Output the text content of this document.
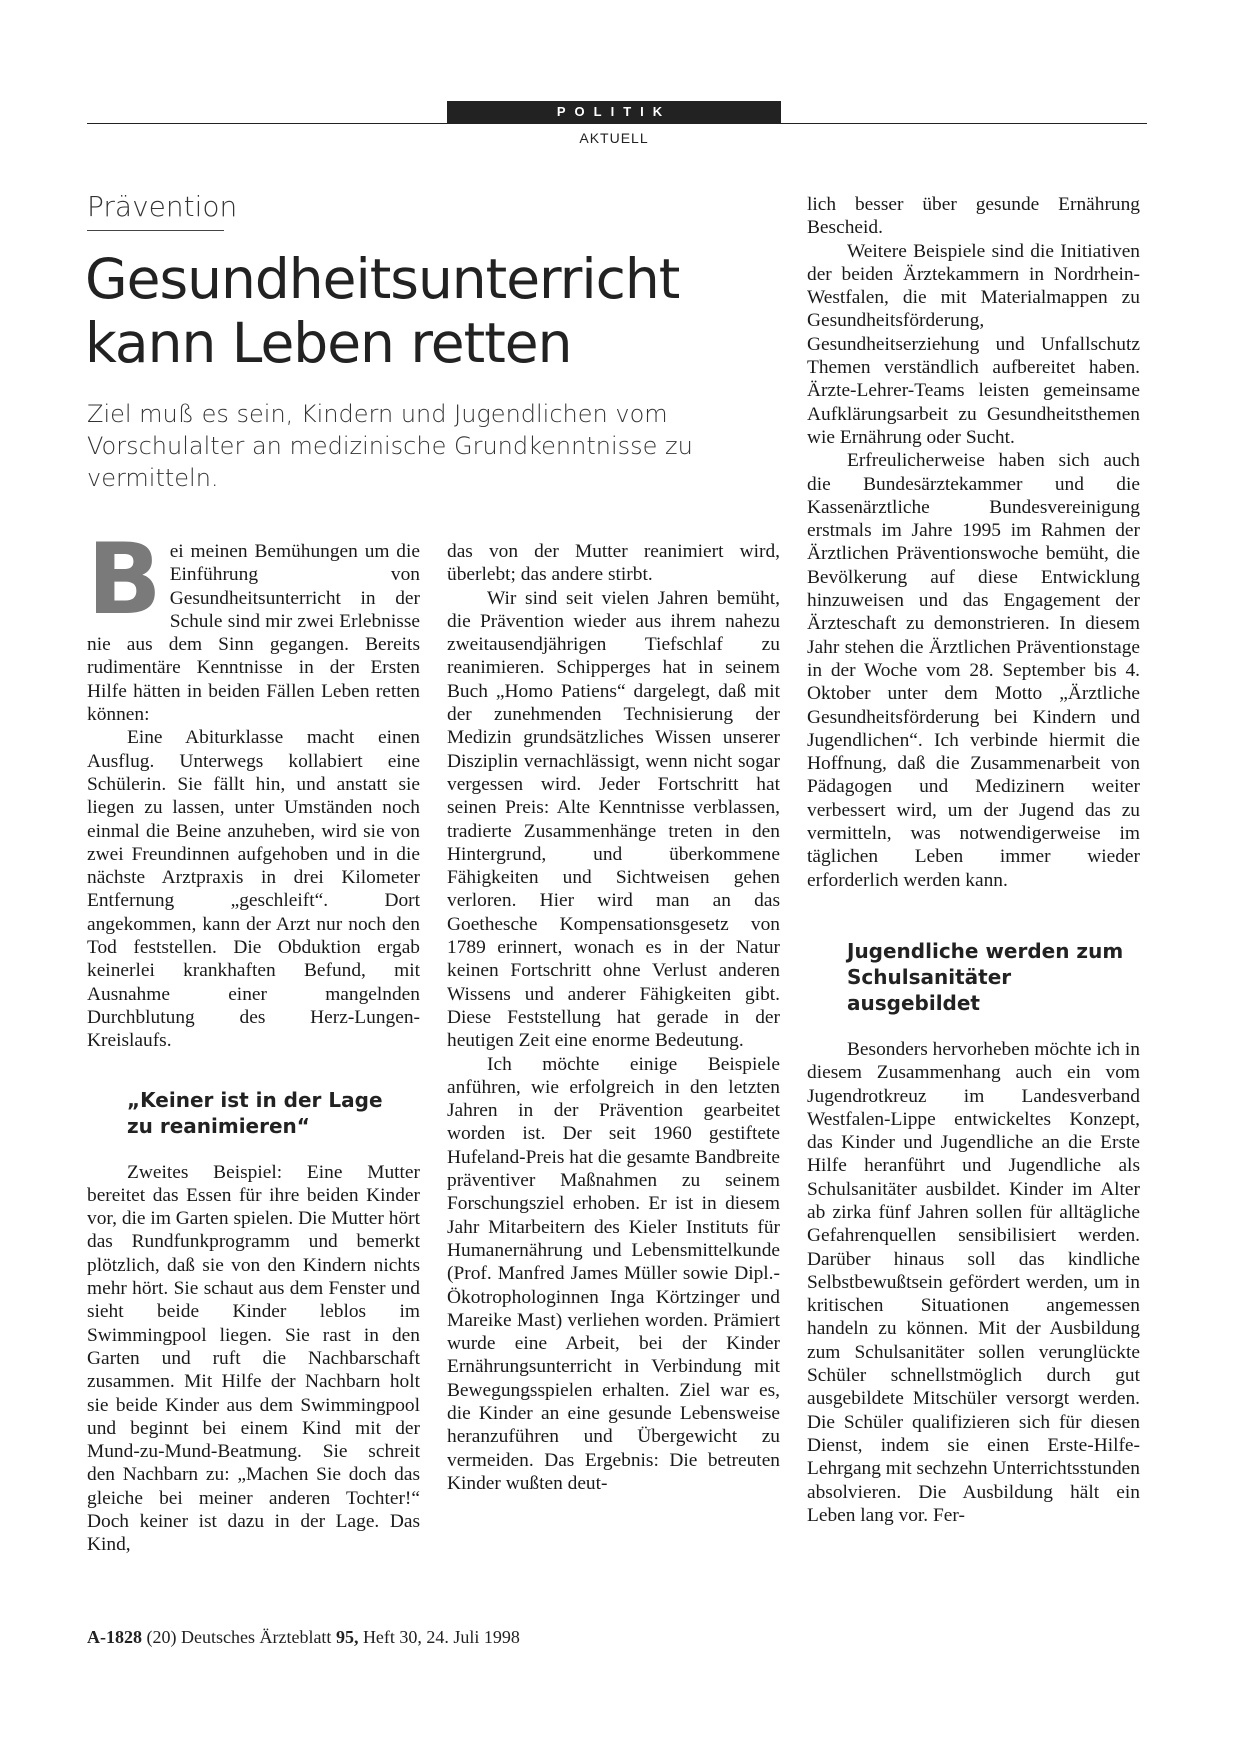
POLITIK
AKTUELL
Prävention
Gesundheitsunterricht
kann Leben retten

Ziel muß es sein, Kindern und Jugendlichen vom Vorschulalter an medizinische Grundkenntnisse zu vermitteln.

B ei meinen Bemühungen um die Einführung von Gesundheitsunterricht in der Schule sind mir zwei Erlebnisse nie aus dem Sinn gegangen. Bereits rudimentäre Kenntnisse in der Ersten Hilfe hätten in beiden Fällen Leben retten können:

Eine Abiturklasse macht einen Ausflug. Unterwegs kollabiert eine Schülerin. Sie fällt hin, und anstatt sie liegen zu lassen, unter Umständen noch einmal die Beine anzuheben, wird sie von zwei Freundinnen aufgehoben und in die nächste Arztpraxis in drei Kilometer Entfernung „geschleift“. Dort angekommen, kann der Arzt nur noch den Tod feststellen. Die Obduktion ergab keinerlei krankhaften Befund, mit Ausnahme einer mangelnden Durchblutung des Herz-Lungen-Kreislaufs.

„Keiner ist in der Lage zu reanimieren“

Zweites Beispiel: Eine Mutter bereitet das Essen für ihre beiden Kinder vor, die im Garten spielen. Die Mutter hört das Rundfunkprogramm und bemerkt plötzlich, daß sie von den Kindern nichts mehr hört. Sie schaut aus dem Fenster und sieht beide Kinder leblos im Swimmingpool liegen. Sie rast in den Garten und ruft die Nachbarschaft zusammen. Mit Hilfe der Nachbarn holt sie beide Kinder aus dem Swimmingpool und beginnt bei einem Kind mit der Mund-zu-Mund-Beatmung. Sie schreit den Nachbarn zu: „Machen Sie doch das gleiche bei meiner anderen Tochter!“ Doch keiner ist dazu in der Lage. Das Kind,

das von der Mutter reanimiert wird, überlebt; das andere stirbt.

Wir sind seit vielen Jahren bemüht, die Prävention wieder aus ihrem nahezu zweitausendjährigen Tiefschlaf zu reanimieren. Schipperges hat in seinem Buch „Homo Patiens“ dargelegt, daß mit der zunehmenden Technisierung der Medizin grundsätzliches Wissen unserer Disziplin vernachlässigt, wenn nicht sogar vergessen wird. Jeder Fortschritt hat seinen Preis: Alte Kenntnisse verblassen, tradierte Zusammenhänge treten in den Hintergrund, und überkommene Fähigkeiten und Sichtweisen gehen verloren. Hier wird man an das Goethesche Kompensationsgesetz von 1789 erinnert, wonach es in der Natur keinen Fortschritt ohne Verlust anderen Wissens und anderer Fähigkeiten gibt. Diese Feststellung hat gerade in der heutigen Zeit eine enorme Bedeutung.

Ich möchte einige Beispiele anführen, wie erfolgreich in den letzten Jahren in der Prävention gearbeitet worden ist. Der seit 1960 gestiftete Hufeland-Preis hat die gesamte Bandbreite präventiver Maßnahmen zu seinem Forschungsziel erhoben. Er ist in diesem Jahr Mitarbeitern des Kieler Instituts für Humanernährung und Lebensmittelkunde (Prof. Manfred James Müller sowie Dipl.-Ökotrophologinnen Inga Körtzinger und Mareike Mast) verliehen worden. Prämiert wurde eine Arbeit, bei der Kinder Ernährungsunterricht in Verbindung mit Bewegungsspielen erhalten. Ziel war es, die Kinder an eine gesunde Lebensweise heranzuführen und Übergewicht zu vermeiden. Das Ergebnis: Die betreuten Kinder wußten deut-

lich besser über gesunde Ernährung Bescheid.

Weitere Beispiele sind die Initiativen der beiden Ärztekammern in Nordrhein-Westfalen, die mit Materialmappen zu Gesundheitsförderung, Gesundheitserziehung und Unfallschutz Themen verständlich aufbereitet haben. Ärzte-Lehrer-Teams leisten gemeinsame Aufklärungsarbeit zu Gesundheitsthemen wie Ernährung oder Sucht.

Erfreulicherweise haben sich auch die Bundesärztekammer und die Kassenärztliche Bundesvereinigung erstmals im Jahre 1995 im Rahmen der Ärztlichen Präventionswoche bemüht, die Bevölkerung auf diese Entwicklung hinzuweisen und das Engagement der Ärzteschaft zu demonstrieren. In diesem Jahr stehen die Ärztlichen Präventionstage in der Woche vom 28. September bis 4. Oktober unter dem Motto „Ärztliche Gesundheitsförderung bei Kindern und Jugendlichen“. Ich verbinde hiermit die Hoffnung, daß die Zusammenarbeit von Pädagogen und Medizinern weiter verbessert wird, um der Jugend das zu vermitteln, was notwendigerweise im täglichen Leben immer wieder erforderlich werden kann.

Jugendliche werden zum Schulsanitäter ausgebildet

Besonders hervorheben möchte ich in diesem Zusammenhang auch ein vom Jugendrotkreuz im Landesverband Westfalen-Lippe entwickeltes Konzept, das Kinder und Jugendliche an die Erste Hilfe heranführt und Jugendliche als Schulsanitäter ausbildet. Kinder im Alter ab zirka fünf Jahren sollen für alltägliche Gefahrenquellen sensibilisiert werden. Darüber hinaus soll das kindliche Selbstbewußtsein gefördert werden, um in kritischen Situationen angemessen handeln zu können. Mit der Ausbildung zum Schulsanitäter sollen verunglückte Schüler schnellstmöglich durch gut ausgebildete Mitschüler versorgt werden. Die Schüler qualifizieren sich für diesen Dienst, indem sie einen Erste-Hilfe-Lehrgang mit sechzehn Unterrichtsstunden absolvieren. Die Ausbildung hält ein Leben lang vor. Fer-

A-1828 (20) Deutsches Ärzteblatt 95, Heft 30, 24. Juli 1998
